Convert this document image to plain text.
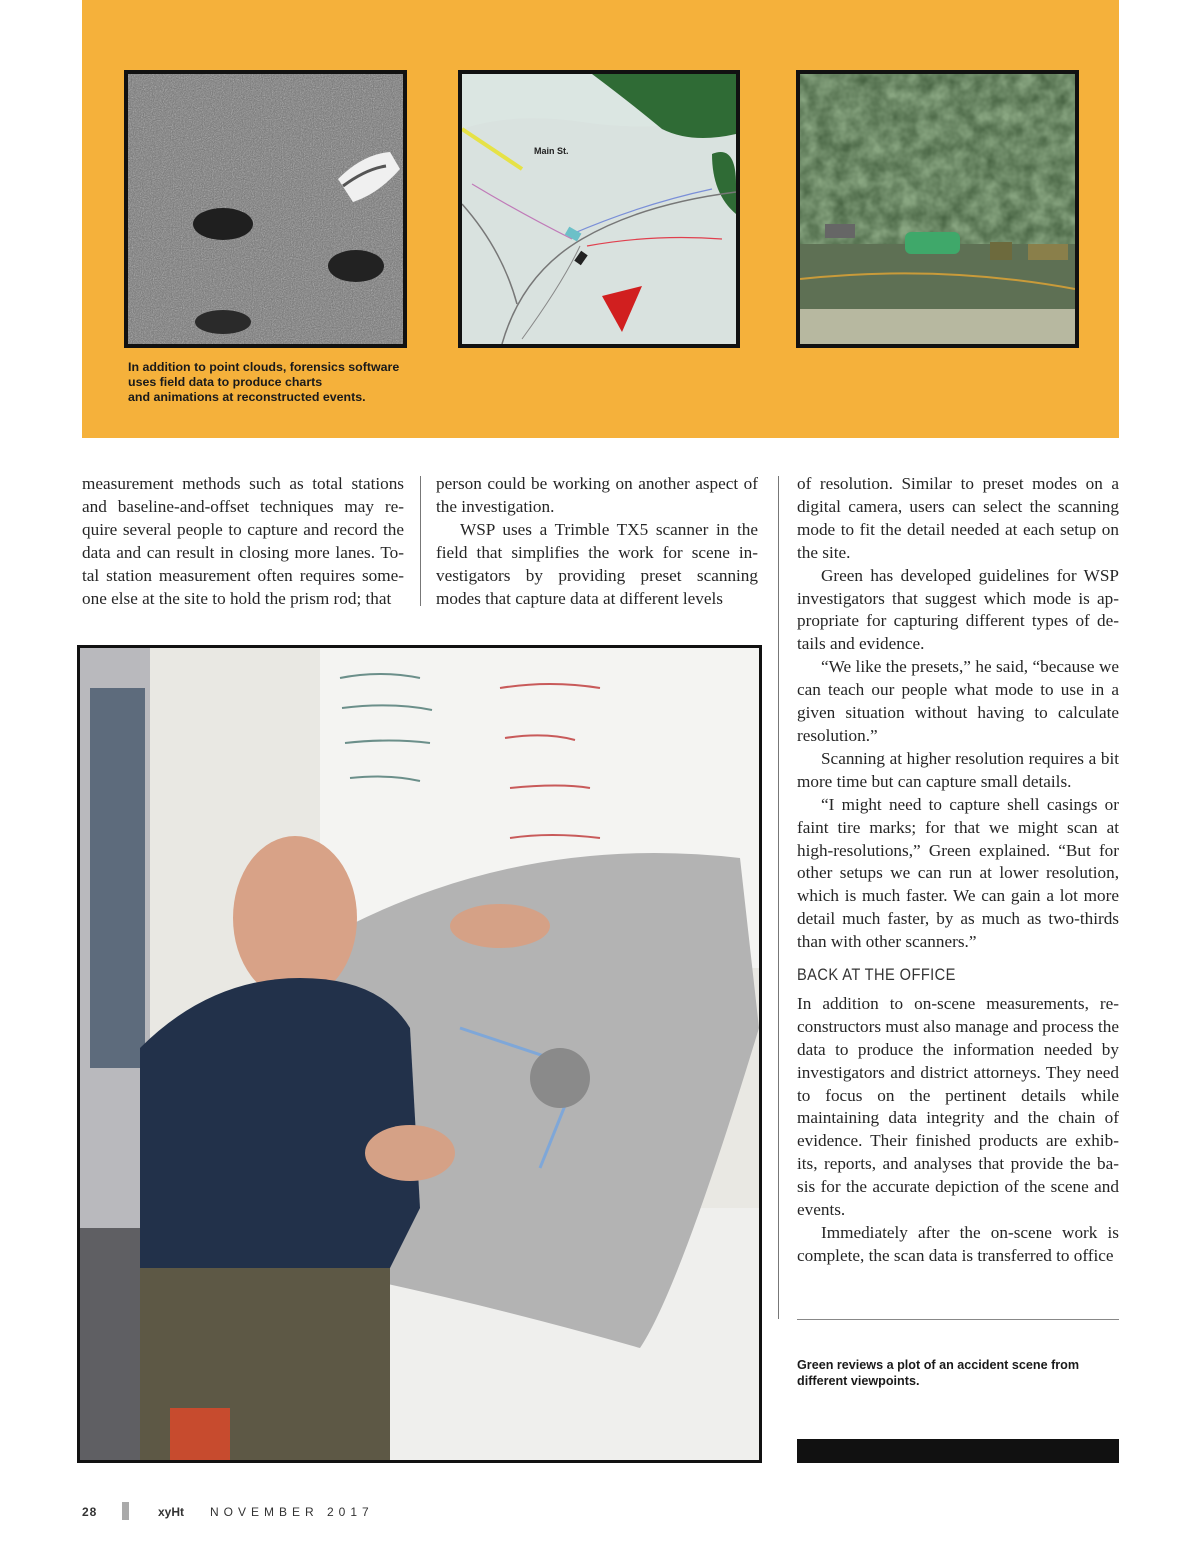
Main St.
In addition to point clouds, forensics software
uses field data to produce charts
and animations at reconstructed events.

measurement methods such as total stations and baseline-and-offset techniques may re-quire several people to capture and record the data and can result in closing more lanes. To-tal station measurement often requires some-one else at the site to hold the prism rod; that

person could be working on another aspect of the investigation.

WSP uses a Trimble TX5 scanner in the field that simplifies the work for scene in-vestigators by providing preset scanning modes that capture data at different levels

of resolution. Similar to preset modes on a digital camera, users can select the scanning mode to fit the detail needed at each setup on the site.

Green has developed guidelines for WSP investigators that suggest which mode is ap-propriate for capturing different types of de-tails and evidence.

“We like the presets,” he said, “because we can teach our people what mode to use in a given situation without having to calculate resolution.”

Scanning at higher resolution requires a bit more time but can capture small details.

“I might need to capture shell casings or faint tire marks; for that we might scan at high-resolutions,” Green explained. “But for other setups we can run at lower resolution, which is much faster. We can gain a lot more detail much faster, by as much as two-thirds than with other scanners.”

BACK AT THE OFFICE

In addition to on-scene measurements, re-constructors must also manage and process the data to produce the information needed by investigators and district attorneys. They need to focus on the pertinent details while maintaining data integrity and the chain of evidence. Their finished products are exhib-its, reports, and analyses that provide the ba-sis for the accurate depiction of the scene and events.

Immediately after the on-scene work is complete, the scan data is transferred to office

Green reviews a plot of an accident scene from
different viewpoints.
28	xyHt NOVEMBER 2017
